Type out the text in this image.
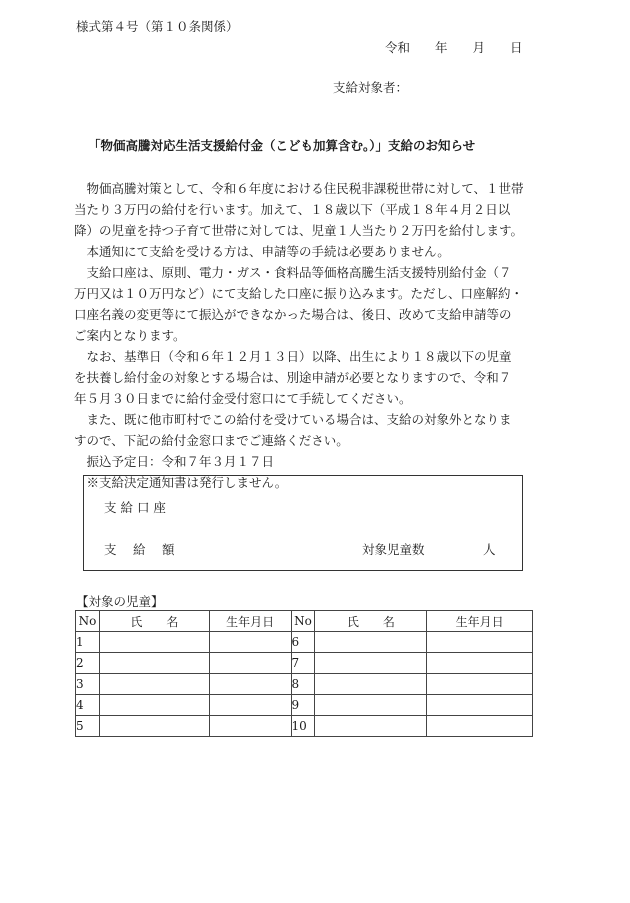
様式第４号（第１０条関係）
令和　　年　　月　　日
支給対象者：
「物価高騰対応生活支援給付金（こども加算含む。）」支給のお知らせ

　物価高騰対策として、令和６年度における住民税非課税世帯に対して、１世帯

当たり３万円の給付を行います。加えて、１８歳以下（平成１８年４月２日以

降）の児童を持つ子育て世帯に対しては、児童１人当たり２万円を給付します。

　本通知にて支給を受ける方は、申請等の手続は必要ありません。

　支給口座は、原則、電力・ガス・食料品等価格高騰生活支援特別給付金（７

万円又は１０万円など）にて支給した口座に振り込みます。ただし、口座解約・

口座名義の変更等にて振込ができなかった場合は、後日、改めて支給申請等の

ご案内となります。

　なお、基準日（令和６年１２月１３日）以降、出生により１８歳以下の児童

を扶養し給付金の対象とする場合は、別途申請が必要となりますので、令和７

年５月３０日までに給付金受付窓口にて手続してください。

　また、既に他市町村でこの給付を受けている場合は、支給の対象外となりま

すので、下記の給付金窓口までご連絡ください。

　振込予定日：令和７年３月１７日

　※支給決定通知書は発行しません。

支 給 口 座
支　 給　 額	対象児童数	人
【対象の児童】
No	氏　　名	生年月日	No	氏　　名	生年月日
1			6		
2			7		
3			8		
4			9		
5			10		
